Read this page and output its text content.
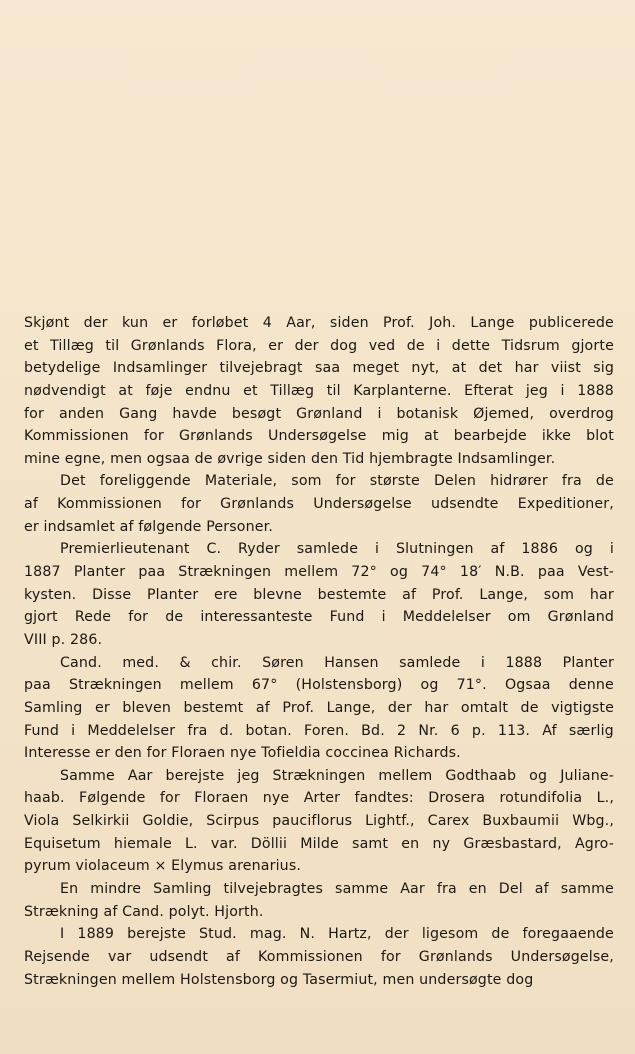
Skjønt der kun er forløbet 4 Aar, siden Prof. Joh. Lange publicerede
et Tillæg til Grønlands Flora, er der dog ved de i dette Tidsrum gjorte
betydelige Indsamlinger tilvejebragt saa meget nyt, at det har viist sig
nødvendigt at føje endnu et Tillæg til Karplanterne. Efterat jeg i 1888
for anden Gang havde besøgt Grønland i botanisk Øjemed, overdrog
Kommissionen for Grønlands Undersøgelse mig at bearbejde ikke blot
mine egne, men ogsaa de øvrige siden den Tid hjembragte Indsamlinger.
Det foreliggende Materiale, som for største Delen hidrører fra de
af Kommissionen for Grønlands Undersøgelse udsendte Expeditioner,
er indsamlet af følgende Personer.
Premierlieutenant C. Ryder samlede i Slutningen af 1886 og i
1887 Planter paa Strækningen mellem 72° og 74° 18′ N.B. paa Vest-
kysten. Disse Planter ere blevne bestemte af Prof. Lange, som har
gjort Rede for de interessanteste Fund i Meddelelser om Grønland
VIII p. 286.
Cand. med. & chir. Søren Hansen samlede i 1888 Planter
paa Strækningen mellem 67° (Holstensborg) og 71°. Ogsaa denne
Samling er bleven bestemt af Prof. Lange, der har omtalt de vigtigste
Fund i Meddelelser fra d. botan. Foren. Bd. 2 Nr. 6 p. 113. Af særlig
Interesse er den for Floraen nye Tofieldia coccinea Richards.
Samme Aar berejste jeg Strækningen mellem Godthaab og Juliane-
haab. Følgende for Floraen nye Arter fandtes: Drosera rotundifolia L.,
Viola Selkirkii Goldie, Scirpus pauciflorus Lightf., Carex Buxbaumii Wbg.,
Equisetum hiemale L. var. Döllii Milde samt en ny Græsbastard, Agro-
pyrum violaceum × Elymus arenarius.
En mindre Samling tilvejebragtes samme Aar fra en Del af samme
Strækning af Cand. polyt. Hjorth.
I 1889 berejste Stud. mag. N. Hartz, der ligesom de foregaaende
Rejsende var udsendt af Kommissionen for Grønlands Undersøgelse,
Strækningen mellem Holstensborg og Tasermiut, men undersøgte dog
